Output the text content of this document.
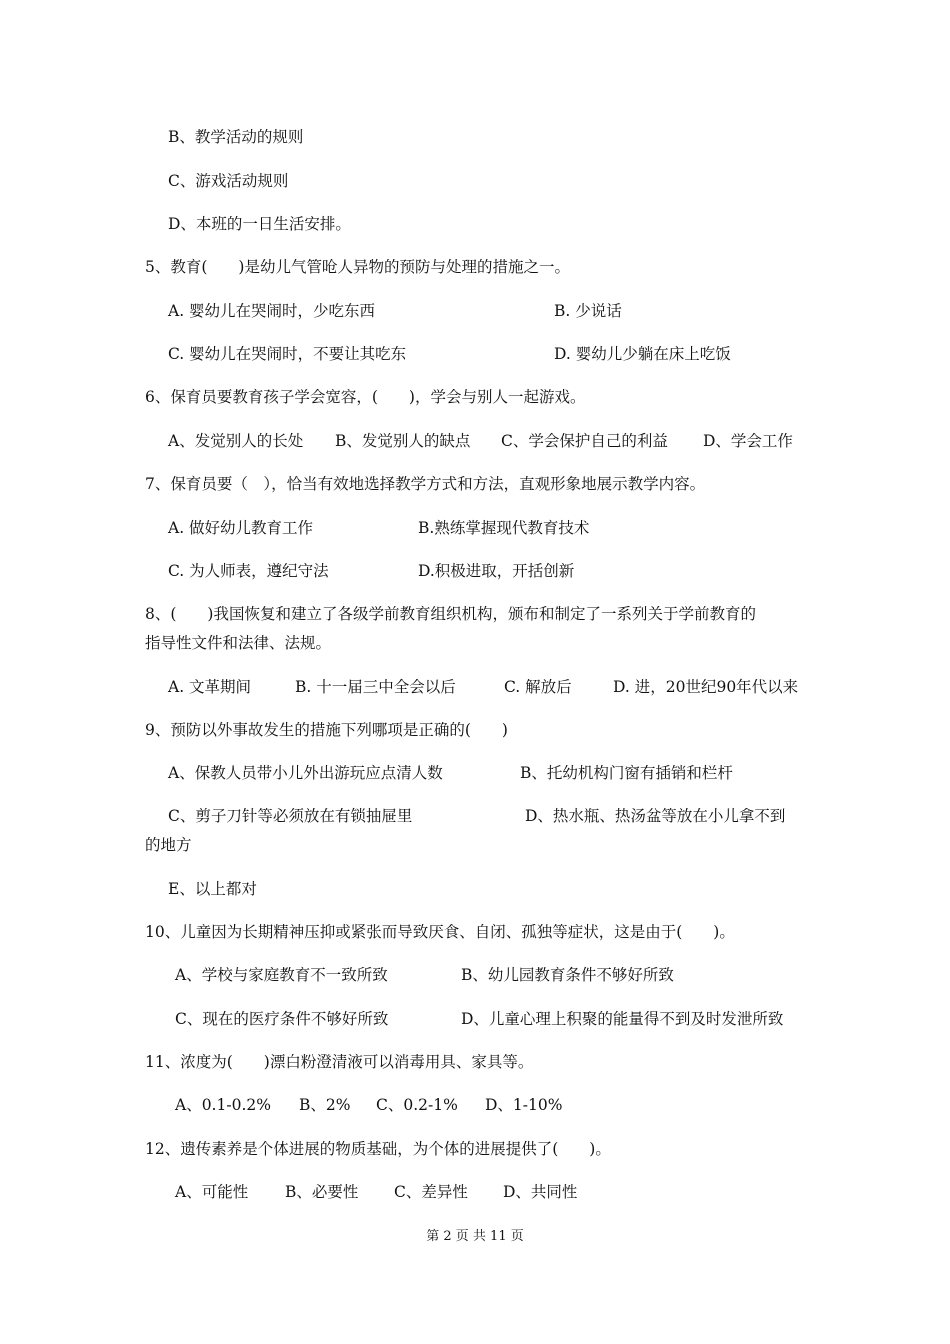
B、教学活动的规则
C、游戏活动规则
D、本班的一日生活安排。
5、教育(　　)是幼儿气管呛人异物的预防与处理的措施之一。
A. 婴幼儿在哭闹时，少吃东西	B. 少说话
C. 婴幼儿在哭闹时，不要让其吃东	D. 婴幼儿少躺在床上吃饭
6、保育员要教育孩子学会宽容，(　　)，学会与别人一起游戏。
A、发觉别人的长处 B、发觉别人的缺点 C、学会保护自己的利益 D、学会工作
7、保育员要（　），恰当有效地选择教学方式和方法，直观形象地展示教学内容。
A. 做好幼儿教育工作	B.熟练掌握现代教育技术
C. 为人师表，遵纪守法	D.积极进取，开括创新
8、(　　)我国恢复和建立了各级学前教育组织机构，颁布和制定了一系列关于学前教育的
指导性文件和法律、法规。
A. 文革期间	B. 十一届三中全会以后	C. 解放后	D. 进，20世纪90年代以来
9、预防以外事故发生的措施下列哪项是正确的(　　)
A、保教人员带小儿外出游玩应点清人数	B、托幼机构门窗有插销和栏杆
C、剪子刀针等必须放在有锁抽屉里	D、热水瓶、热汤盆等放在小儿拿不到
的地方
E、以上都对
10、儿童因为长期精神压抑或紧张而导致厌食、自闭、孤独等症状，这是由于(　　)。
A、学校与家庭教育不一致所致	B、幼儿园教育条件不够好所致
C、现在的医疗条件不够好所致	D、儿童心理上积聚的能量得不到及时发泄所致
11、浓度为(　　)漂白粉澄清液可以消毒用具、家具等。
A、0.1-0.2% B、2% C、0.2-1% D、1-10%
12、遗传素养是个体进展的物质基础，为个体的进展提供了(　　)。
A、可能性 B、必要性 C、差异性 D、共同性
第 2 页 共 11 页
